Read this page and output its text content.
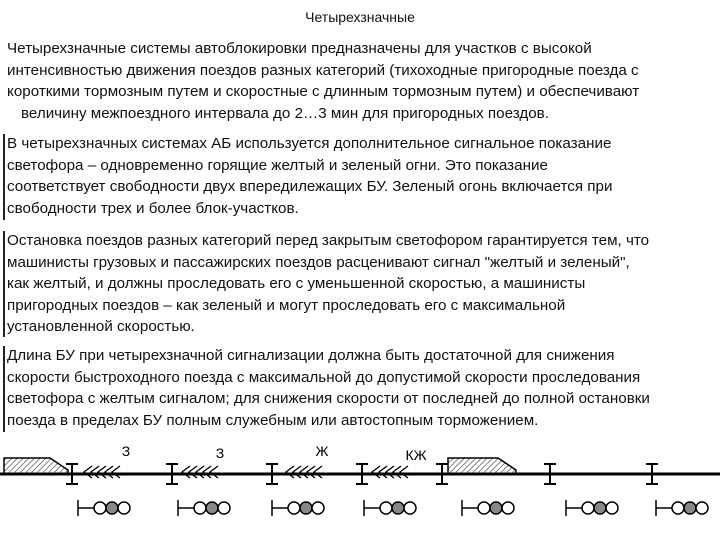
Четырехзначные
Четырехзначные системы автоблокировки предназначены для участков с высокой
интенсивностью движения поездов разных категорий (тихоходные пригородные поезда с
короткими тормозным путем и скоростные с длинным тормозным путем) и обеспечивают
величину межпоездного интервала до 2…3 мин для пригородных поездов.
В четырехзначных системах АБ используется дополнительное сигнальное показание
светофора – одновременно горящие желтый и зеленый огни. Это показание
соответствует свободности двух впередилежащих БУ. Зеленый огонь включается при
свободности трех и более блок-участков.
Остановка поездов разных категорий перед закрытым светофором гарантируется тем, что
машинисты грузовых и пассажирских поездов расценивают сигнал "желтый и зеленый",
как желтый, и должны проследовать его с уменьшенной скоростью, а машинисты
пригородных поездов – как зеленый и могут проследовать его с максимальной
установленной скоростью.
Длина БУ при четырехзначной сигнализации должна быть достаточной для снижения
скорости быстроходного поезда с максимальной до допустимой скорости проследования
светофора с желтым сигналом; для снижения скорости от последней до полной остановки
поезда в пределах БУ полным служебным или автостопным торможением.
З	З	Ж	КЖ
